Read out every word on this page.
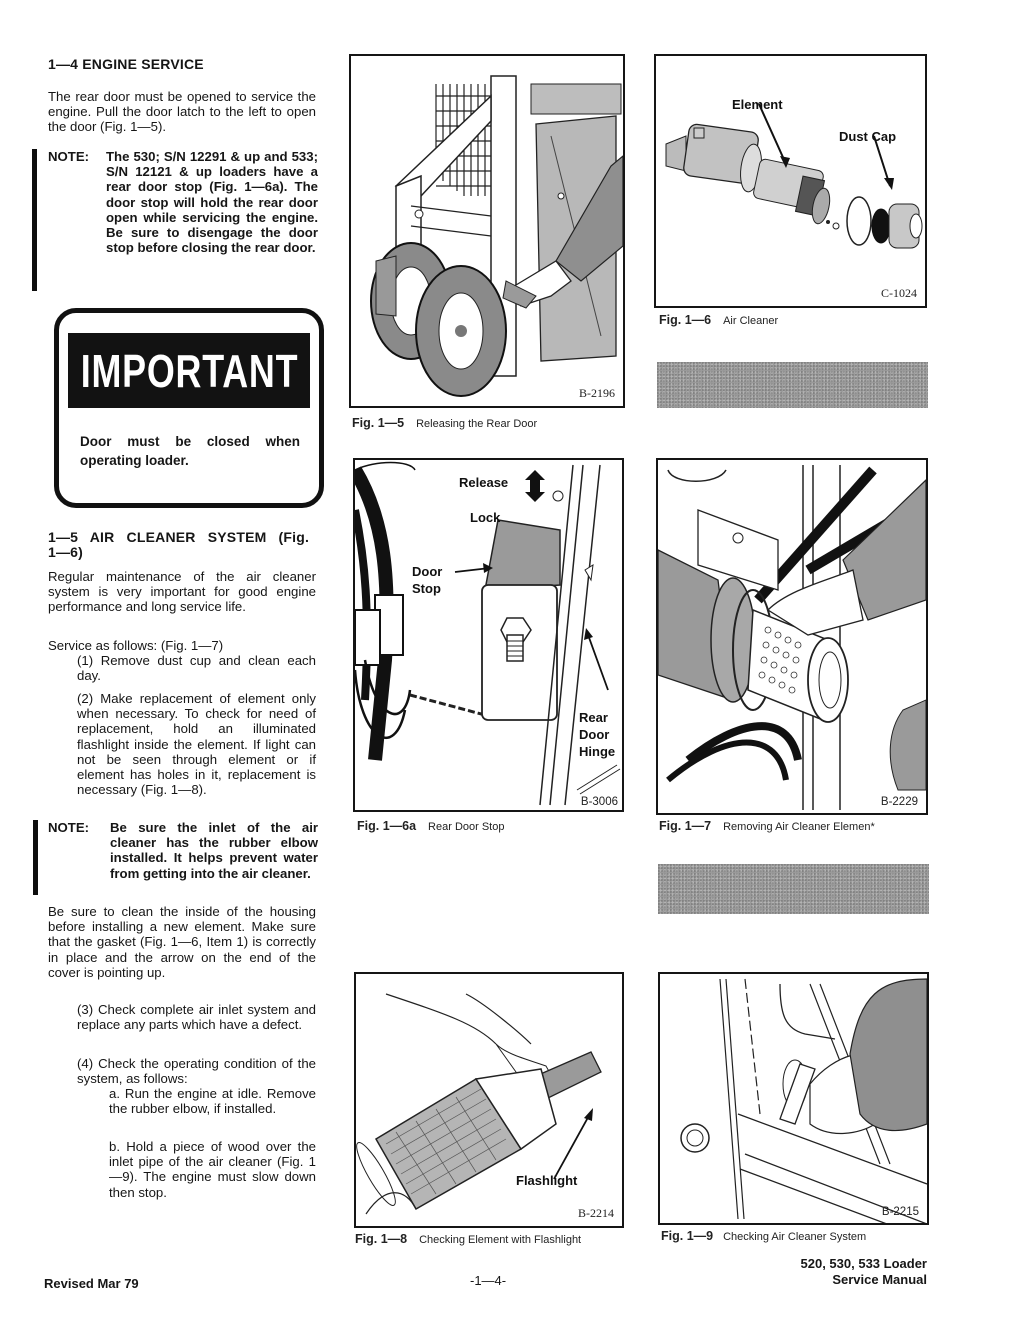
1—4 ENGINE SERVICE
The rear door must be opened to service the engine. Pull the door latch to the left to open the door (Fig. 1—5).
NOTE: The 530; S/N 12291 & up and 533; S/N 12121 & up loaders have a rear door stop (Fig. 1—6a). The door stop will hold the rear door open while servicing the engine. Be sure to disengage the door stop before closing the rear door.
IMPORTANT
Door must be closed when operating loader.
1—5 AIR CLEANER SYSTEM (Fig.
1—6)
Regular maintenance of the air cleaner system is very important for good engine performance and long service life.
Service as follows: (Fig. 1—7)
(1) Remove dust cup and clean each day.
(2) Make replacement of element only when necessary. To check for need of replacement, hold an illuminated flashlight inside the element. If light can not be seen through element or if element has holes in it, replacement is necessary (Fig. 1—8).
NOTE: Be sure the inlet of the air cleaner has the rubber elbow installed. It helps prevent water from getting into the air cleaner.
Be sure to clean the inside of the housing before installing a new element. Make sure that the gasket (Fig. 1—6, Item 1) is correctly in place and the arrow on the end of the cover is pointing up.
(3) Check complete air inlet system and replace any parts which have a defect.
(4) Check the operating condition of the system, as follows:
a. Run the engine at idle. Remove the rubber elbow, if installed.
b. Hold a piece of wood over the inlet pipe of the air cleaner (Fig. 1—9). The engine must slow down then stop.
B-2196
Fig. 1—5 Releasing the Rear Door
Element
Dust Cap
C-1024
Fig. 1—6 Air Cleaner
Release
Lock
Door
Stop
Rear
Door
Hinge
B-3006
Fig. 1—6a Rear Door Stop
B-2229
Fig. 1—7 Removing Air Cleaner Elemen*
Flashlight
B-2214
Fig. 1—8 Checking Element with Flashlight
B-2215
Fig. 1—9 Checking Air Cleaner System
Revised Mar 79	-1—4-
520, 530, 533 Loader
Service Manual
